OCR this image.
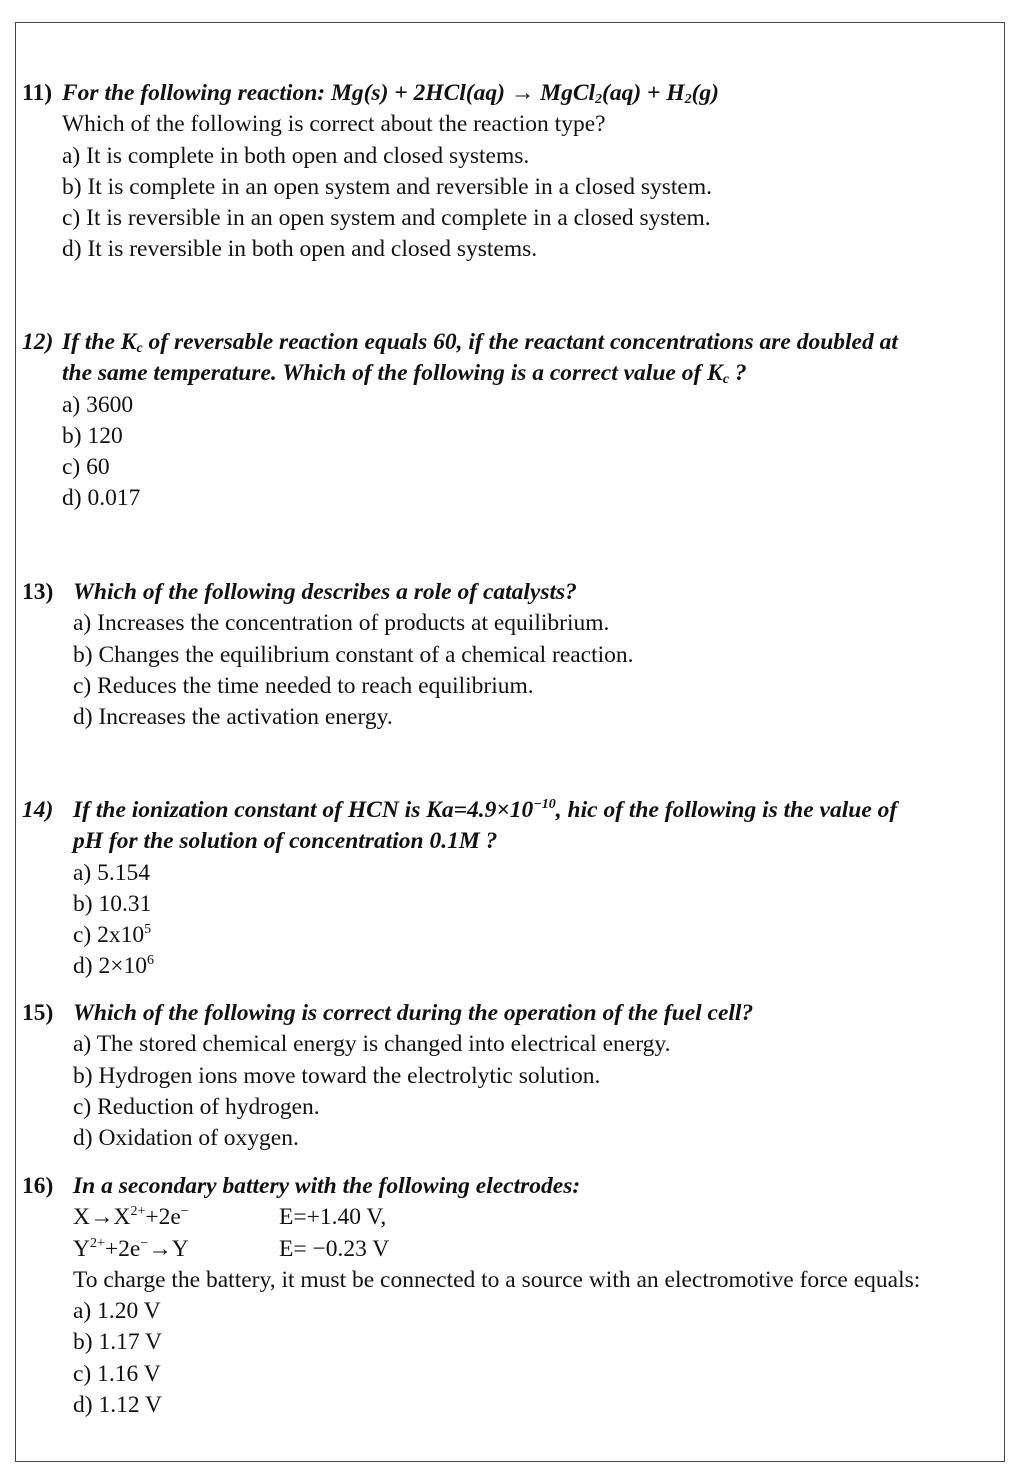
11) For the following reaction: Mg(s) + 2HCl(aq) → MgCl$_2$(aq) + $H_2(g)$
Which of the following is correct about the reaction type?
a) It is complete in both open and closed systems.
b) It is complete in an open system and reversible in a closed system.
c) It is reversible in an open system and complete in a closed system.
d) It is reversible in both open and closed systems.
12) If the $K_c$ of reversable reaction equals 60, if the reactant concentrations are doubled at
the same temperature. Which of the following is a correct value of $K_c$ ?
a) 3600
b) 120
c) 60
d) 0.017
13) Which of the following describes a role of catalysts?
a) Increases the concentration of products at equilibrium.
b) Changes the equilibrium constant of a chemical reaction.
c) Reduces the time needed to reach equilibrium.
d) Increases the activation energy.
14) If the ionization constant of HCN is $Ka=4.9\times 10^{-10}$, hic of the following is the value of
pH for the solution of concentration 0.1M ?
a) 5.154
b) 10.31
c) $2x10^5$
d) $2\times 10^6$
15) Which of the following is correct during the operation of the fuel cell?
a) The stored chemical energy is changed into electrical energy.
b) Hydrogen ions move toward the electrolytic solution.
c) Reduction of hydrogen.
d) Oxidation of oxygen.
16) In a secondary battery with the following electrodes:
$X\to X^{2+}+2e^-$	E=+1.40 V,
$Y^{2+}+2e^-\to Y$	E= −0.23 V
To charge the battery, it must be connected to a source with an electromotive force equals:
a) 1.20 V
b) 1.17 V
c) 1.16 V
d) 1.12 V
